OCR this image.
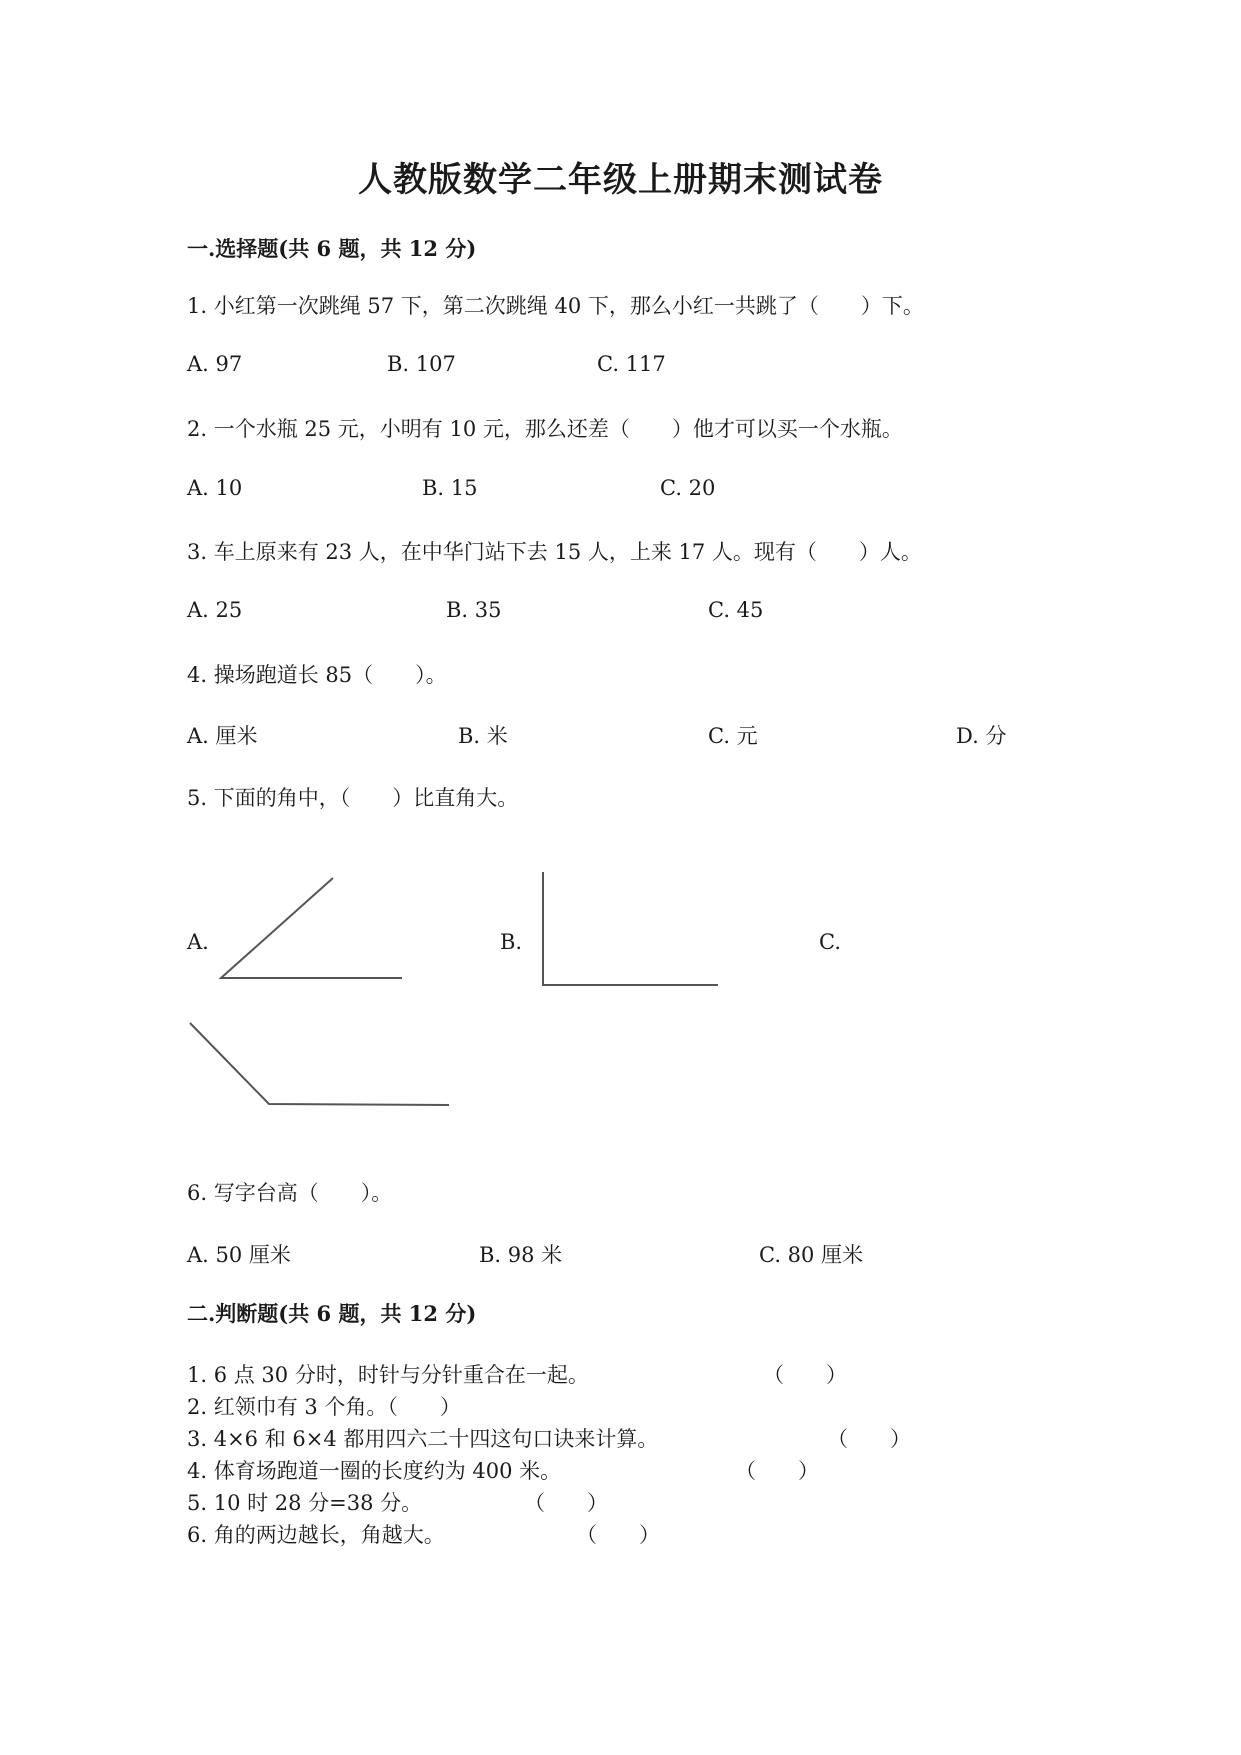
人教版数学二年级上册期末测试卷
一.选择题(共 6 题，共 12 分)
1. 小红第一次跳绳 57 下，第二次跳绳 40 下，那么小红一共跳了（　　）下。
A. 97	B. 107	C. 117
2. 一个水瓶 25 元，小明有 10 元，那么还差（　　）他才可以买一个水瓶。
A. 10	B. 15	C. 20
3. 车上原来有 23 人，在中华门站下去 15 人，上来 17 人。现有（　　）人。
A. 25	B. 35	C. 45
4. 操场跑道长 85（　　）。
A. 厘米	B. 米	C. 元	D. 分
5. 下面的角中，（　　）比直角大。
A.	B.	C.
6. 写字台高（　　）。
A. 50 厘米	B. 98 米	C. 80 厘米
二.判断题(共 6 题，共 12 分)
1. 6 点 30 分时，时针与分针重合在一起。	（　　）
2. 红领巾有 3 个角。（　　）
3. 4×6 和 6×4 都用四六二十四这句口诀来计算。	（　　）
4. 体育场跑道一圈的长度约为 400 米。	（　　）
5. 10 时 28 分=38 分。	（　　）
6. 角的两边越长，角越大。	（　　）
